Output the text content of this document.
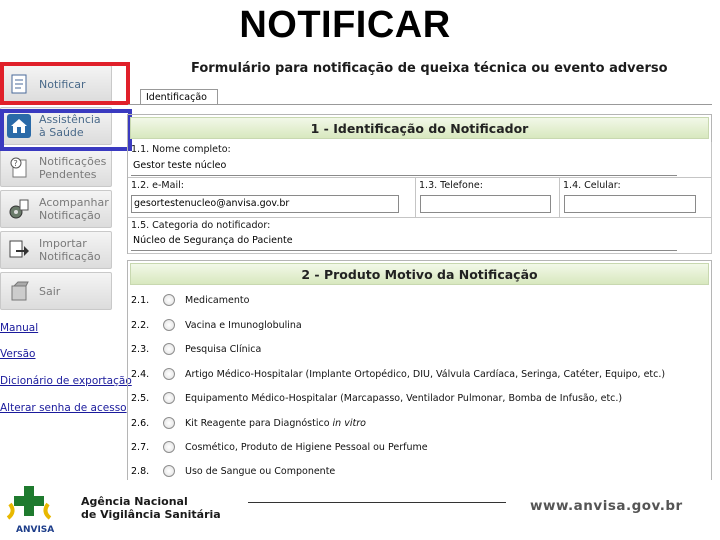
NOTIFICAR
Notificar
Assistência
à Saúde
? Notificações
Pendentes
Acompanhar
Notificação
Importar
Notificação
Sair
Manual
Versão
Dicionário de exportação
Alterar senha de acesso
Formulário para notificação de queixa técnica ou evento adverso
Identificação
1 - Identificação do Notificador
1.1. Nome completo:
Gestor teste núcleo
1.2. e-Mail:
gesortestenucleo@anvisa.gov.br
1.3. Telefone:	1.4. Celular:
1.5. Categoria do notificador:
Núcleo de Segurança do Paciente
2 - Produto Motivo da Notificação
2.1.	Medicamento
2.2.	Vacina e Imunoglobulina
2.3.	Pesquisa Clínica
2.4.	Artigo Médico-Hospitalar (Implante Ortopédico, DIU, Válvula Cardíaca, Seringa, Catéter, Equipo, etc.)
2.5.	Equipamento Médico-Hospitalar (Marcapasso, Ventilador Pulmonar, Bomba de Infusão, etc.)
2.6.	Kit Reagente para Diagnóstico in vitro
2.7.	Cosmético, Produto de Higiene Pessoal ou Perfume
2.8.	Uso de Sangue ou Componente
ANVISA
Agência Nacional
de Vigilância Sanitária
www.anvisa.gov.br
